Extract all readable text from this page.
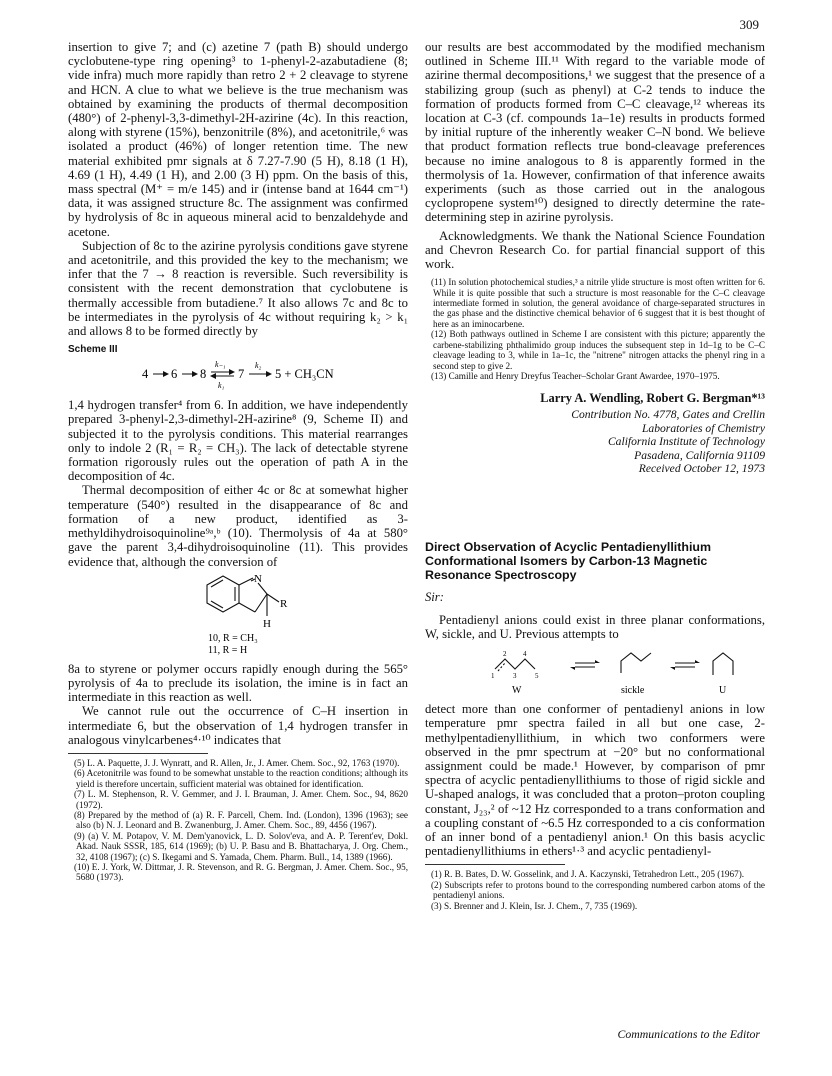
309

insertion to give 7; and (c) azetine 7 (path B) should undergo cyclobutene-type ring opening³ to 1-phenyl-2-azabutadiene (8; vide infra) much more rapidly than retro 2 + 2 cleavage to styrene and HCN. A clue to what we believe is the true mechanism was obtained by examining the products of thermal decomposition (480°) of 2-phenyl-3,3-dimethyl-2H-azirine (4c). In this reaction, along with styrene (15%), benzonitrile (8%), and acetonitrile,⁶ was isolated a product (46%) of longer retention time. The new material exhibited pmr signals at δ 7.27-7.90 (5 H), 8.18 (1 H), 4.69 (1 H), 4.49 (1 H), and 2.00 (3 H) ppm. On the basis of this, mass spectral (M⁺ = m/e 145) and ir (intense band at 1644 cm⁻¹) data, it was assigned structure 8c. The assignment was confirmed by hydrolysis of 8c in aqueous mineral acid to benzaldehyde and acetone.

Subjection of 8c to the azirine pyrolysis conditions gave styrene and acetonitrile, and this provided the key to the mechanism; we infer that the 7 → 8 reaction is reversible. Such reversibility is consistent with the recent demonstration that cyclobutene is thermally accessible from butadiene.⁷ It also allows 7c and 8c to be intermediates in the pyrolysis of 4c without requiring k₂ > k₁ and allows 8 to be formed directly by

Scheme III
4 6 8
k₋₁
k₁
7
k₂
5 + CH₃CN

1,4 hydrogen transfer⁴ from 6. In addition, we have independently prepared 3-phenyl-2,3-dimethyl-2H-azirine⁸ (9, Scheme II) and subjected it to the pyrolysis conditions. This material rearranges only to indole 2 (R₁ = R₂ = CH₃). The lack of detectable styrene formation rigorously rules out the operation of path A in the decomposition of 4c.

Thermal decomposition of either 4c or 8c at somewhat higher temperature (540°) resulted in the disappearance of 8c and formation of a new product, identified as 3-methyldihydroisoquinoline⁹ᵃ,ᵇ (10). Thermolysis of 4a at 580° gave the parent 3,4-dihydroisoquinoline (11). This provides evidence that, although the conversion of

N
R
H
10, R = CH₃
11, R = H

8a to styrene or polymer occurs rapidly enough during the 565° pyrolysis of 4a to preclude its isolation, the imine is in fact an intermediate in this reaction as well.

We cannot rule out the occurrence of C–H insertion in intermediate 6, but the observation of 1,4 hydrogen transfer in analogous vinylcarbenes⁴·¹⁰ indicates that

(5) L. A. Paquette, J. J. Wynratt, and R. Allen, Jr., J. Amer. Chem. Soc., 92, 1763 (1970).

(6) Acetonitrile was found to be somewhat unstable to the reaction conditions; although its yield is therefore uncertain, sufficient material was obtained for identification.

(7) L. M. Stephenson, R. V. Gemmer, and J. I. Brauman, J. Amer. Chem. Soc., 94, 8620 (1972).

(8) Prepared by the method of (a) R. F. Parcell, Chem. Ind. (London), 1396 (1963); see also (b) N. J. Leonard and B. Zwanenburg, J. Amer. Chem. Soc., 89, 4456 (1967).

(9) (a) V. M. Potapov, V. M. Dem'yanovick, L. D. Solov'eva, and A. P. Terent'ev, Dokl. Akad. Nauk SSSR, 185, 614 (1969); (b) U. P. Basu and B. Bhattacharya, J. Org. Chem., 32, 4108 (1967); (c) S. Ikegami and S. Yamada, Chem. Pharm. Bull., 14, 1389 (1966).

(10) E. J. York, W. Dittmar, J. R. Stevenson, and R. G. Bergman, J. Amer. Chem. Soc., 95, 5680 (1973).

our results are best accommodated by the modified mechanism outlined in Scheme III.¹¹ With regard to the variable mode of azirine thermal decompositions,¹ we suggest that the presence of a stabilizing group (such as phenyl) at C-2 tends to induce the formation of products formed from C–C cleavage,¹² whereas its location at C-3 (cf. compounds 1a–1e) results in products formed by initial rupture of the inherently weaker C–N bond. We believe that product formation reflects true bond-cleavage preferences because no imine analogous to 8 is apparently formed in the thermolysis of 1a. However, confirmation of that inference awaits experiments (such as those carried out in the analogous cyclopropene system¹⁰) designed to directly determine the rate-determining step in azirine pyrolysis.

Acknowledgments. We thank the National Science Foundation and Chevron Research Co. for partial financial support of this work.

(11) In solution photochemical studies,³ a nitrile ylide structure is most often written for 6. While it is quite possible that such a structure is most reasonable for the C–C cleavage intermediate formed in solution, the general avoidance of charge-separated structures in the gas phase and the distinctive chemical behavior of 6 suggest that it is best thought of here as an iminocarbene.

(12) Both pathways outlined in Scheme I are consistent with this picture; apparently the carbene-stabilizing phthalimido group induces the subsequent step in 1d–1g to be C–C cleavage leading to 3, while in 1a–1c, the "nitrene" nitrogen attacks the phenyl ring in a second step to give 2.

(13) Camille and Henry Dreyfus Teacher–Scholar Grant Awardee, 1970–1975.

Larry A. Wendling, Robert G. Bergman*¹³

Contribution No. 4778, Gates and Crellin

Laboratories of Chemistry

California Institute of Technology

Pasadena, California 91109

Received October 12, 1973

Direct Observation of Acyclic Pentadienyllithium Conformational Isomers by Carbon-13 Magnetic Resonance Spectroscopy

Sir:

Pentadienyl anions could exist in three planar conformations, W, sickle, and U. Previous attempts to

1
2
3
4
5
W	sickle	U

detect more than one conformer of pentadienyl anions in low temperature pmr spectra failed in all but one case, 2-methylpentadienyllithium, in which two conformers were observed in the pmr spectrum at −20° but no conformational assignment could be made.¹ However, by comparison of pmr spectra of acyclic pentadienyllithiums to those of rigid sickle and U-shaped analogs, it was concluded that a proton–proton coupling constant, J₂₃,² of ~12 Hz corresponded to a trans conformation and a coupling constant of ~6.5 Hz corresponded to a cis conformation of an inner bond of a pentadienyl anion.¹ On this basis acyclic pentadienyllithiums in ethers¹·³ and acyclic pentadienyl-

(1) R. B. Bates, D. W. Gosselink, and J. A. Kaczynski, Tetrahedron Lett., 205 (1967).

(2) Subscripts refer to protons bound to the corresponding numbered carbon atoms of the pentadienyl anions.

(3) S. Brenner and J. Klein, Isr. J. Chem., 7, 735 (1969).

Communications to the Editor
